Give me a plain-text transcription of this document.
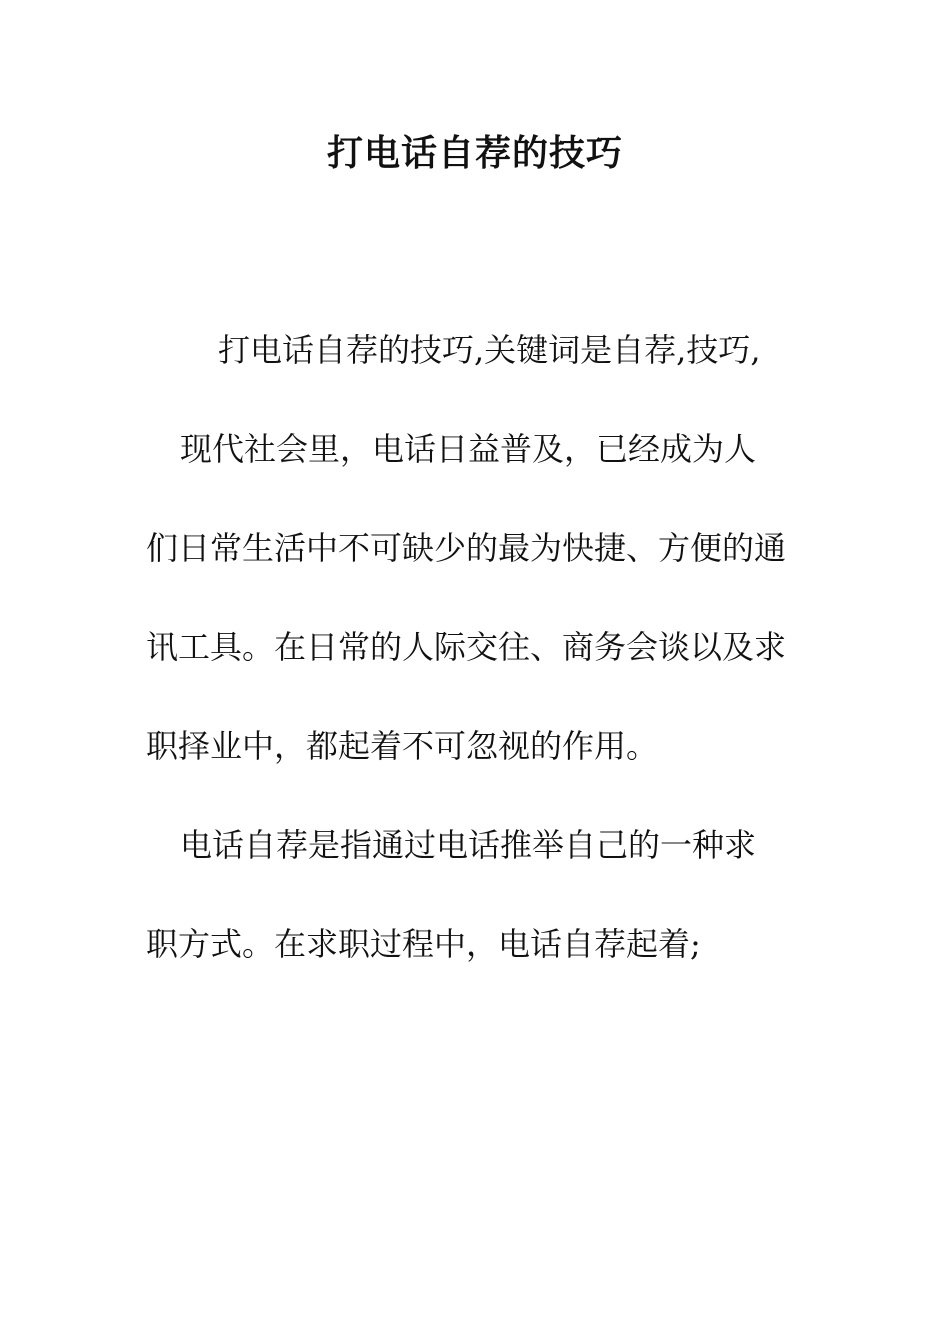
打电话自荐的技巧

打电话自荐的技巧,关键词是自荐,技巧,

现代社会里，电话日益普及，已经成为人们日常生活中不可缺少的最为快捷、方便的通讯工具。在日常的人际交往、商务会谈以及求职择业中，都起着不可忽视的作用。

电话自荐是指通过电话推举自己的一种求职方式。在求职过程中，电话自荐起着;
